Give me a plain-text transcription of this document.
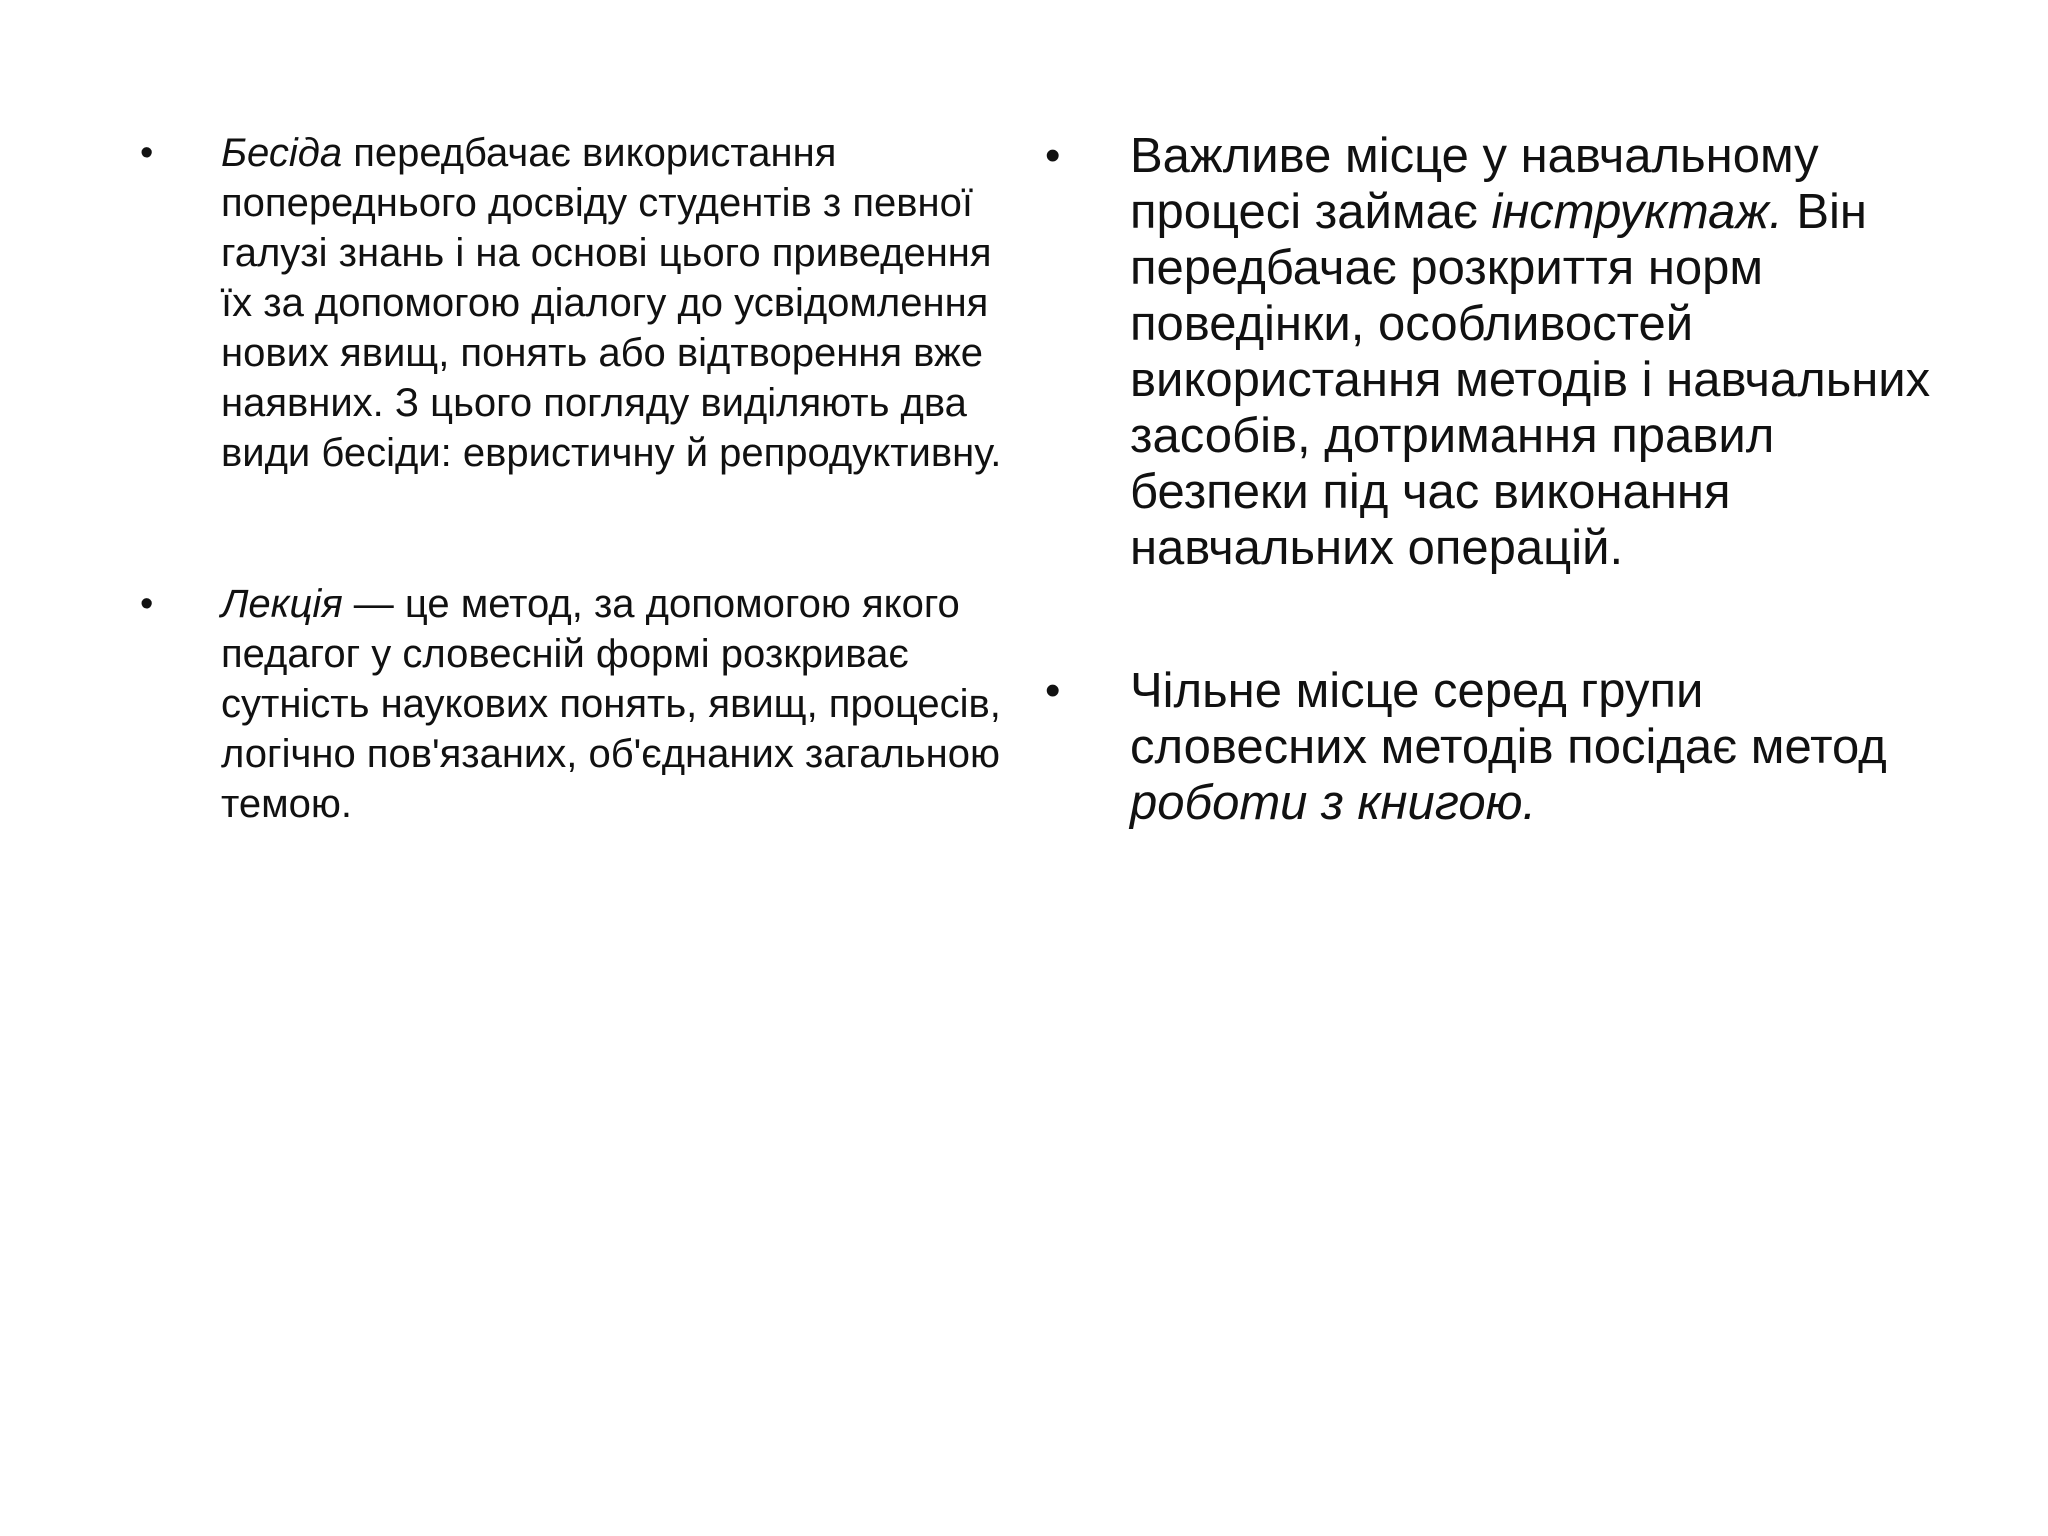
•	Бесіда передбачає використання попереднього досвіду студентів з певної галузі знань і на основі цього приведення їх за допомогою діалогу до усвідомлення нових явищ, понять або відтворення вже наявних. З цього погляду виділяють два види бесіди: евристичну й репродуктивну.
•	Лекція — це метод, за допомогою якого педагог у словесній формі розкриває сутність наукових понять, явищ, процесів, логічно пов'язаних, об'єднаних загальною темою.
•	Важливе місце у навчальному процесі займає інструктаж. Він передбачає розкриття норм поведінки, особливостей використання методів і навчальних засобів, дотримання правил безпеки під час виконання навчальних операцій.
•	Чільне місце серед групи словесних методів посідає метод роботи з книгою.
